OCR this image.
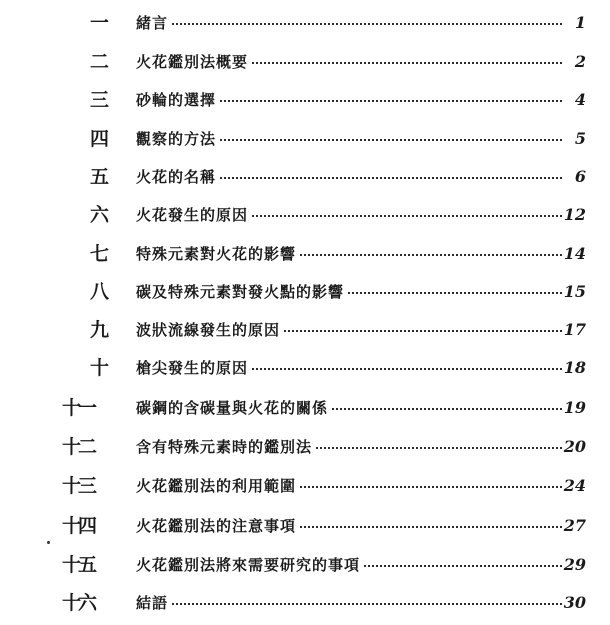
一	緒言	1
二	火花鑑別法概要	2
三	砂輪的選擇	4
四	觀察的方法	5
五	火花的名稱	6
六	火花發生的原因	12
七	特殊元素對火花的影響	14
八	碳及特殊元素對發火點的影響	15
九	波狀流線發生的原因	17
十	槍尖發生的原因	18
十一	碳鋼的含碳量與火花的關係	19
十二	含有特殊元素時的鑑別法	20
十三	火花鑑別法的利用範圍	24
十四	火花鑑別法的注意事項	27
十五	火花鑑別法將來需要研究的事項	29
十六	結語	30
